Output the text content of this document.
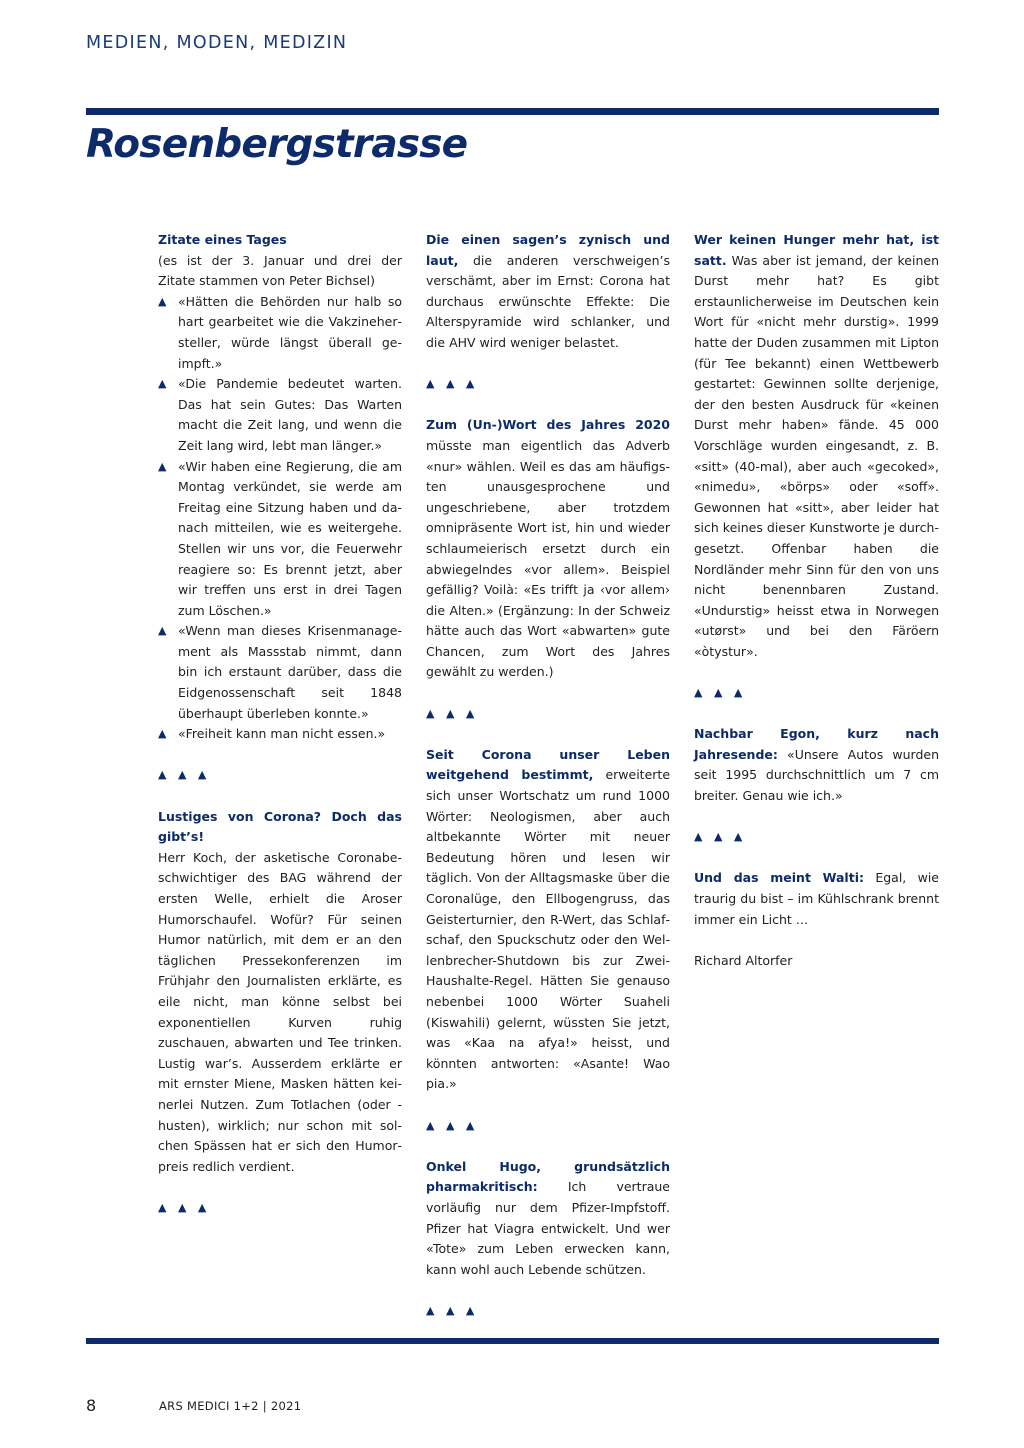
MEDIEN, MODEN, MEDIZIN
Rosenbergstrasse

Zitate eines Tages

(es ist der 3. Januar und drei der Zitate stammen von Peter Bichsel)

▲ «Hätten die Behörden nur halb so hart gearbeitet wie die Vakzinehersteller, würde längst überall geimpft.»
▲ «Die Pandemie bedeutet warten. Das hat sein Gutes: Das Warten macht die Zeit lang, und wenn die Zeit lang wird, lebt man länger.»
▲ «Wir haben eine Regierung, die am Montag verkündet, sie werde am Freitag eine Sitzung haben und danach mitteilen, wie es weitergehe. Stellen wir uns vor, die Feuerwehr reagiere so: Es brennt jetzt, aber wir treffen uns erst in drei Tagen zum Löschen.»
▲ «Wenn man dieses Krisenmanagement als Massstab nimmt, dann bin ich erstaunt darüber, dass die Eidgenossenschaft seit 1848 überhaupt überleben konnte.»
▲ «Freiheit kann man nicht essen.»
▲ ▲ ▲

Lustiges von Corona? Doch das gibt’s!
Herr Koch, der asketische Coronabeschwichtiger des BAG während der ersten Welle, erhielt die Aroser Humorschaufel. Wofür? Für seinen Humor natürlich, mit dem er an den täglichen Pressekonferenzen im Frühjahr den Journalisten erklärte, es eile nicht, man könne selbst bei exponentiellen Kurven ruhig zuschauen, abwarten und Tee trinken. Lustig war’s. Ausserdem erklärte er mit ernster Miene, Masken hätten keinerlei Nutzen. Zum Totlachen (oder -husten), wirklich; nur schon mit solchen Spässen hat er sich den Humorpreis redlich verdient.

▲ ▲ ▲

Die einen sagen’s zynisch und laut, die anderen verschweigen’s verschämt, aber im Ernst: Corona hat durchaus erwünschte Effekte: Die Alterspyramide wird schlanker, und die AHV wird weniger belastet.

▲ ▲ ▲

Zum (Un-)Wort des Jahres 2020 müsste man eigentlich das Adverb «nur» wählen. Weil es das am häufigsten unausgesprochene und ungeschriebene, aber trotzdem omnipräsente Wort ist, hin und wieder schlaumeierisch ersetzt durch ein abwiegelndes «vor allem». Beispiel gefällig? Voilà: «Es trifft ja ‹vor allem› die Alten.» (Ergänzung: In der Schweiz hätte auch das Wort «abwarten» gute Chancen, zum Wort des Jahres gewählt zu werden.)

▲ ▲ ▲

Seit Corona unser Leben weitgehend bestimmt, erweiterte sich unser Wortschatz um rund 1000 Wörter: Neologismen, aber auch altbekannte Wörter mit neuer Bedeutung hören und lesen wir täglich. Von der Alltagsmaske über die Coronalüge, den Ellbogengruss, das Geisterturnier, den R-Wert, das Schlafschaf, den Spuckschutz oder den Wellenbrecher-Shutdown bis zur Zwei-Haushalte-Regel. Hätten Sie genauso nebenbei 1000 Wörter Suaheli (Kiswahili) gelernt, wüssten Sie jetzt, was «Kaa na afya!» heisst, und könnten antworten: «Asante! Wao pia.»

▲ ▲ ▲

Onkel Hugo, grundsätzlich pharmakritisch: Ich vertraue vorläufig nur dem Pfizer-Impfstoff. Pfizer hat Viagra entwickelt. Und wer «Tote» zum Leben erwecken kann, kann wohl auch Lebende schützen.

▲ ▲ ▲

Wer keinen Hunger mehr hat, ist satt. Was aber ist jemand, der keinen Durst mehr hat? Es gibt erstaunlicherweise im Deutschen kein Wort für «nicht mehr durstig». 1999 hatte der Duden zusammen mit Lipton (für Tee bekannt) einen Wettbewerb gestartet: Gewinnen sollte derjenige, der den besten Ausdruck für «keinen Durst mehr haben» fände. 45 000 Vorschläge wurden eingesandt, z. B. «sitt» (40-mal), aber auch «gecoked», «nimedu», «börps» oder «soff». Gewonnen hat «sitt», aber leider hat sich keines dieser Kunstworte je durchgesetzt. Offenbar haben die Nordländer mehr Sinn für den von uns nicht benennbaren Zustand. «Undurstig» heisst etwa in Norwegen «utørst» und bei den Färöern «òtystur».

▲ ▲ ▲

Nachbar Egon, kurz nach Jahresende: «Unsere Autos wurden seit 1995 durchschnittlich um 7 cm breiter. Genau wie ich.»

▲ ▲ ▲

Und das meint Walti: Egal, wie traurig du bist – im Kühlschrank brennt immer ein Licht …

Richard Altorfer

8	ARS MEDICI 1+2 | 2021
